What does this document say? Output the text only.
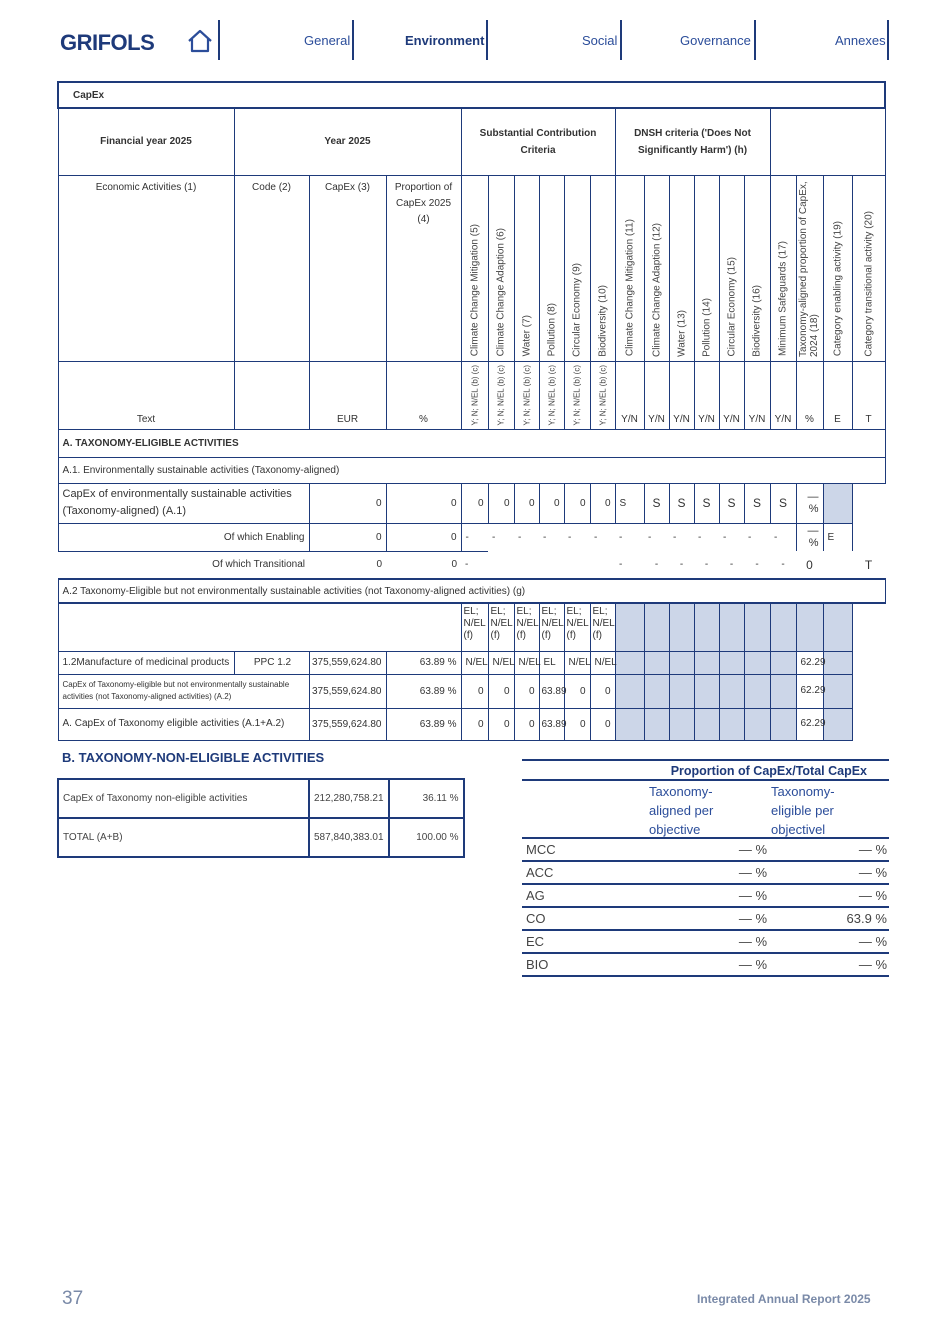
GRIFOLS	General	Environment	Social	Governance	Annexes
CapEx																			
Financial year 2025	Year 2025			Substantial Contribution Criteria						DNSH criteria ('Does Not Significantly Harm') (h)									
Economic Activities (1)	Code (2)	CapEx (3)	Proportion of CapEx 2025 (4)	Climate Change Mitigation (5)	Climate Change Adaption (6)	Water (7)	Pollution (8)	Circular Economy (9)	Biodiversity (10)	Climate Change Mitigation (11)	Climate Change Adaption (12)	Water (13)	Pollution (14)	Circular Economy (15)	Biodiversity (16)	Minimum Safeguards (17)	Taxonomy-aligned proportion of CapEx, 2024 (18)	Category enabling activity (19)	Category transitional activity (20)

Text		EUR	%	Y; N; N/EL (b) (c)	Y; N; N/EL (b) (c)	Y; N; N/EL (b) (c)	Y; N; N/EL (b) (c)	Y; N; N/EL (b) (c)	Y; N; N/EL (b) (c)	Y/N	Y/N	Y/N	Y/N	Y/N	Y/N	Y/N	%	E	T
A. TAXONOMY-ELIGIBLE ACTIVITIES																			
A.1. Environmentally sustainable activities (Taxonomy-aligned)																			
CapEx of environmentally sustainable activities (Taxonomy-aligned) (A.1)		0	0	0	0	0	0	0	0	S	S	S	S	S	S	S	— %		
Of which Enabling		0	0	-	-	-	-	-	-	-	-	-	-	-	-	-	— %	E	
Of which Transitional		0	0	-						-	-	-	-	-	-	-	0		T
A.2 Taxonomy-Eligible but not environmentally sustainable activities (not Taxonomy-aligned activities) (g)																			
				EL; N/EL (f)	EL; N/EL (f)	EL; N/EL (f)	EL; N/EL (f)	EL; N/EL (f)	EL; N/EL (f)										
1.2Manufacture of medicinal products	PPC 1.2	375,559,624.80	63.89 %	N/EL	N/EL	N/EL	EL	N/EL	N/EL								62.29		
CapEx of Taxonomy-eligible but not environmentally sustainable activities (not Taxonomy-aligned activities) (A.2)		375,559,624.80	63.89 %	0	0	0	63.89	0	0								62.29		
A. CapEx of Taxonomy eligible activities (A.1+A.2)		375,559,624.80	63.89 %	0	0	0	63.89	0	0								62.29		
B. TAXONOMY-NON-ELIGIBLE ACTIVITIES
CapEx of Taxonomy non-eligible activities	212,280,758.21	36.11 %
TOTAL (A+B)	587,840,383.01	100.00 %
Proportion of CapEx/Total CapEx
Taxonomy-aligned per objective
Taxonomy-eligible per objectivel
MCC	— %	— %
ACC	— %	— %
AG	— %	— %
CO	— %	63.9 %
EC	— %	— %
BIO	— %	— %
37	Integrated Annual Report 2025
